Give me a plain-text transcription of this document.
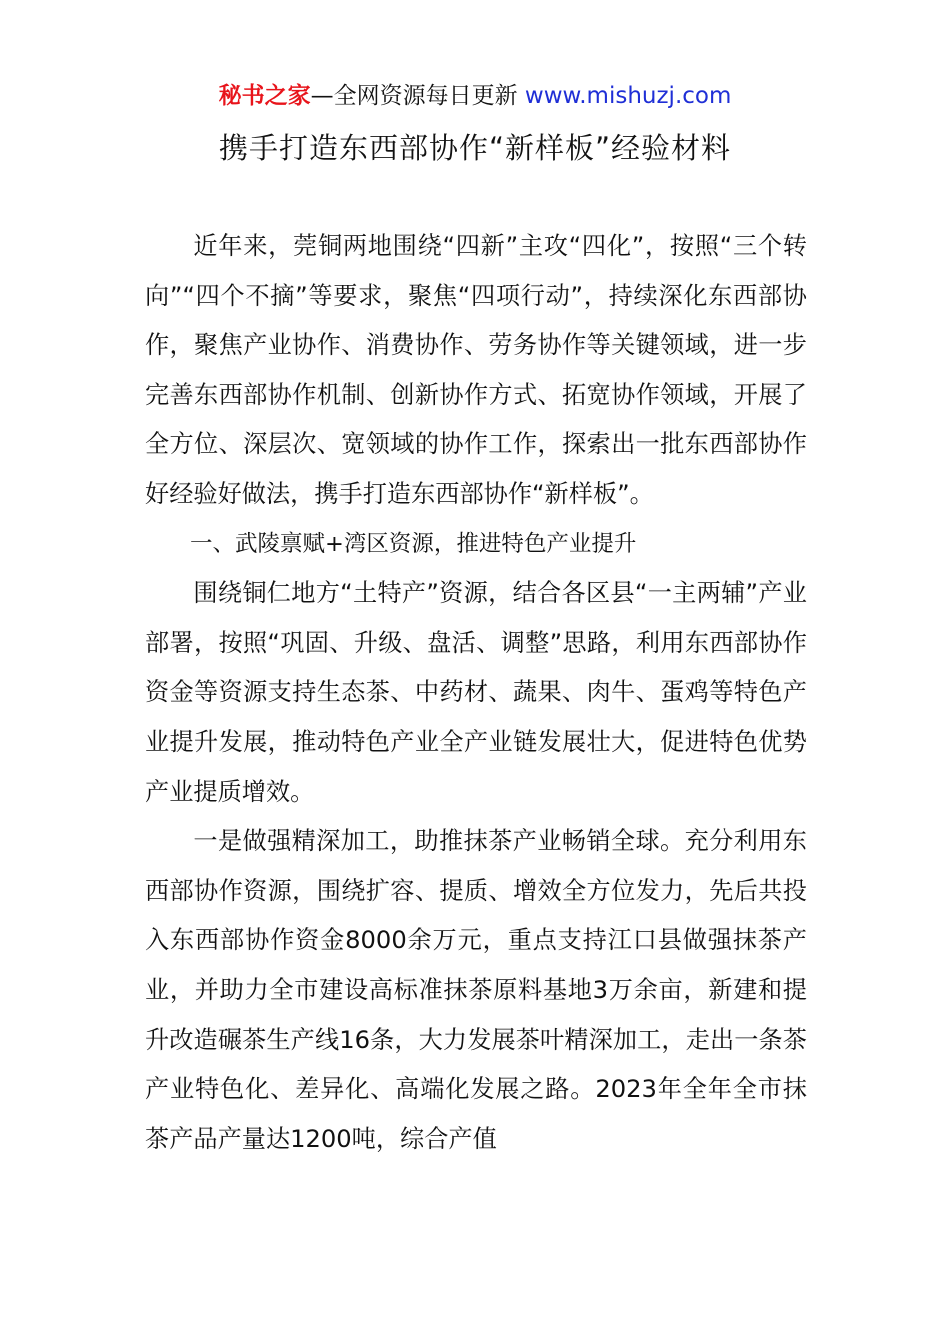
秘书之家—全网资源每日更新 www.mishuzj.com
携手打造东西部协作“新样板”经验材料

近年来，莞铜两地围绕“四新”主攻“四化”，按照“三个转向”“四个不摘”等要求，聚焦“四项行动”，持续深化东西部协作，聚焦产业协作、消费协作、劳务协作等关键领域，进一步完善东西部协作机制、创新协作方式、拓宽协作领域，开展了全方位、深层次、宽领域的协作工作，探索出一批东西部协作好经验好做法，携手打造东西部协作“新样板”。

一、武陵禀赋+湾区资源，推进特色产业提升

围绕铜仁地方“土特产”资源，结合各区县“一主两辅”产业部署，按照“巩固、升级、盘活、调整”思路，利用东西部协作资金等资源支持生态茶、中药材、蔬果、肉牛、蛋鸡等特色产业提升发展，推动特色产业全产业链发展壮大，促进特色优势产业提质增效。

一是做强精深加工，助推抹茶产业畅销全球。充分利用东西部协作资源，围绕扩容、提质、增效全方位发力，先后共投入东西部协作资金8000余万元，重点支持江口县做强抹茶产业，并助力全市建设高标准抹茶原料基地3万余亩，新建和提升改造碾茶生产线16条，大力发展茶叶精深加工，走出一条茶产业特色化、差异化、高端化发展之路。2023年全年全市抹茶产品产量达1200吨，综合产值
